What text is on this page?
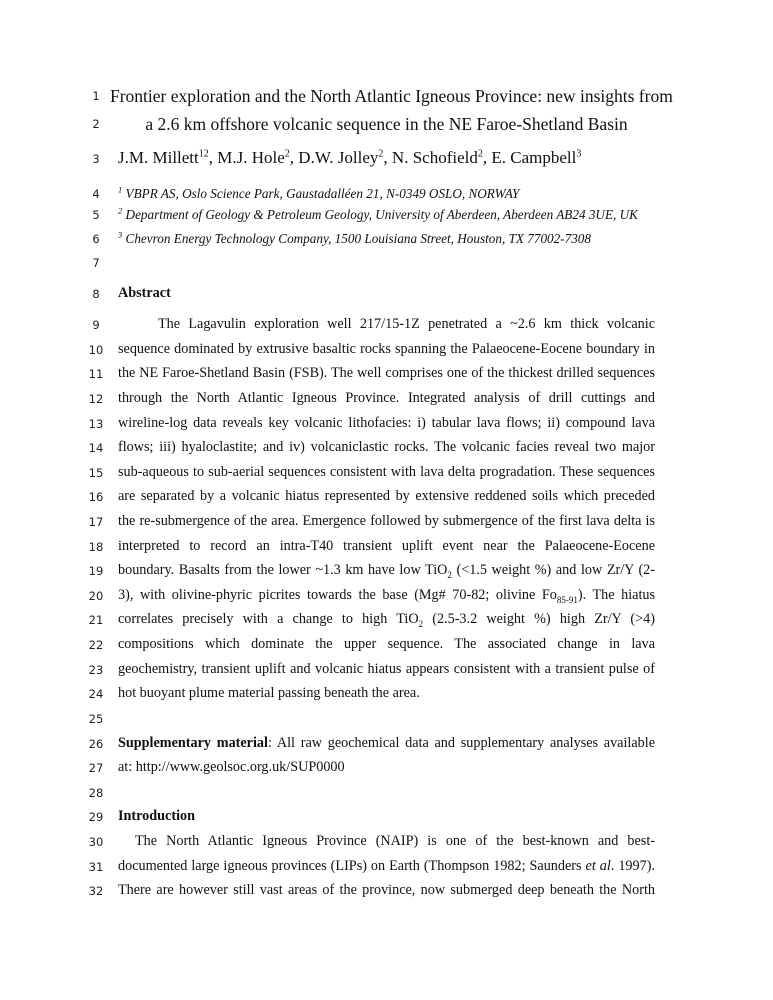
1
2
3
4
5
6
7
8
9
10
11
12
13
14
15
16
17
18
19
20
21
22
23
24
25
26
27
28
29
30
31
32
Frontier exploration and the North Atlantic Igneous Province: new insights from
a 2.6 km offshore volcanic sequence in the NE Faroe-Shetland Basin
J.M. Millett$^{12}$, M.J. Hole$^2$, D.W. Jolley$^2$, N. Schofield$^2$, E. Campbell$^3$
$^1$ VBPR AS, Oslo Science Park, Gaustadalléen 21, N-0349 OSLO, NORWAY
$^2$ Department of Geology & Petroleum Geology, University of Aberdeen, Aberdeen AB24 3UE, UK
$^3$ Chevron Energy Technology Company, 1500 Louisiana Street, Houston, TX 77002-7308
Abstract
The Lagavulin exploration well 217/15-1Z penetrated a ~2.6 km thick volcanic
sequence dominated by extrusive basaltic rocks spanning the Palaeocene-Eocene boundary in
the NE Faroe-Shetland Basin (FSB). The well comprises one of the thickest drilled sequences
through the North Atlantic Igneous Province. Integrated analysis of drill cuttings and
wireline-log data reveals key volcanic lithofacies: i) tabular lava flows; ii) compound lava
flows; iii) hyaloclastite; and iv) volcaniclastic rocks. The volcanic facies reveal two major
sub-aqueous to sub-aerial sequences consistent with lava delta progradation. These sequences
are separated by a volcanic hiatus represented by extensive reddened soils which preceded
the re-submergence of the area. Emergence followed by submergence of the first lava delta is
interpreted to record an intra-T40 transient uplift event near the Palaeocene-Eocene
boundary. Basalts from the lower ~1.3 km have low TiO$_2$ (<1.5 weight %) and low Zr/Y (2-
3), with olivine-phyric picrites towards the base (Mg# 70-82; olivine $Fo_{85-91}$). The hiatus
correlates precisely with a change to high TiO$_2$ (2.5-3.2 weight %) high Zr/Y (>4)
compositions which dominate the upper sequence. The associated change in lava
geochemistry, transient uplift and volcanic hiatus appears consistent with a transient pulse of
hot buoyant plume material passing beneath the area.
Supplementary material: All raw geochemical data and supplementary analyses available
at: http://www.geolsoc.org.uk/SUP0000
Introduction
The North Atlantic Igneous Province (NAIP) is one of the best-known and best-
documented large igneous provinces (LIPs) on Earth (Thompson 1982; Saunders et al. 1997).
There are however still vast areas of the province, now submerged deep beneath the North
